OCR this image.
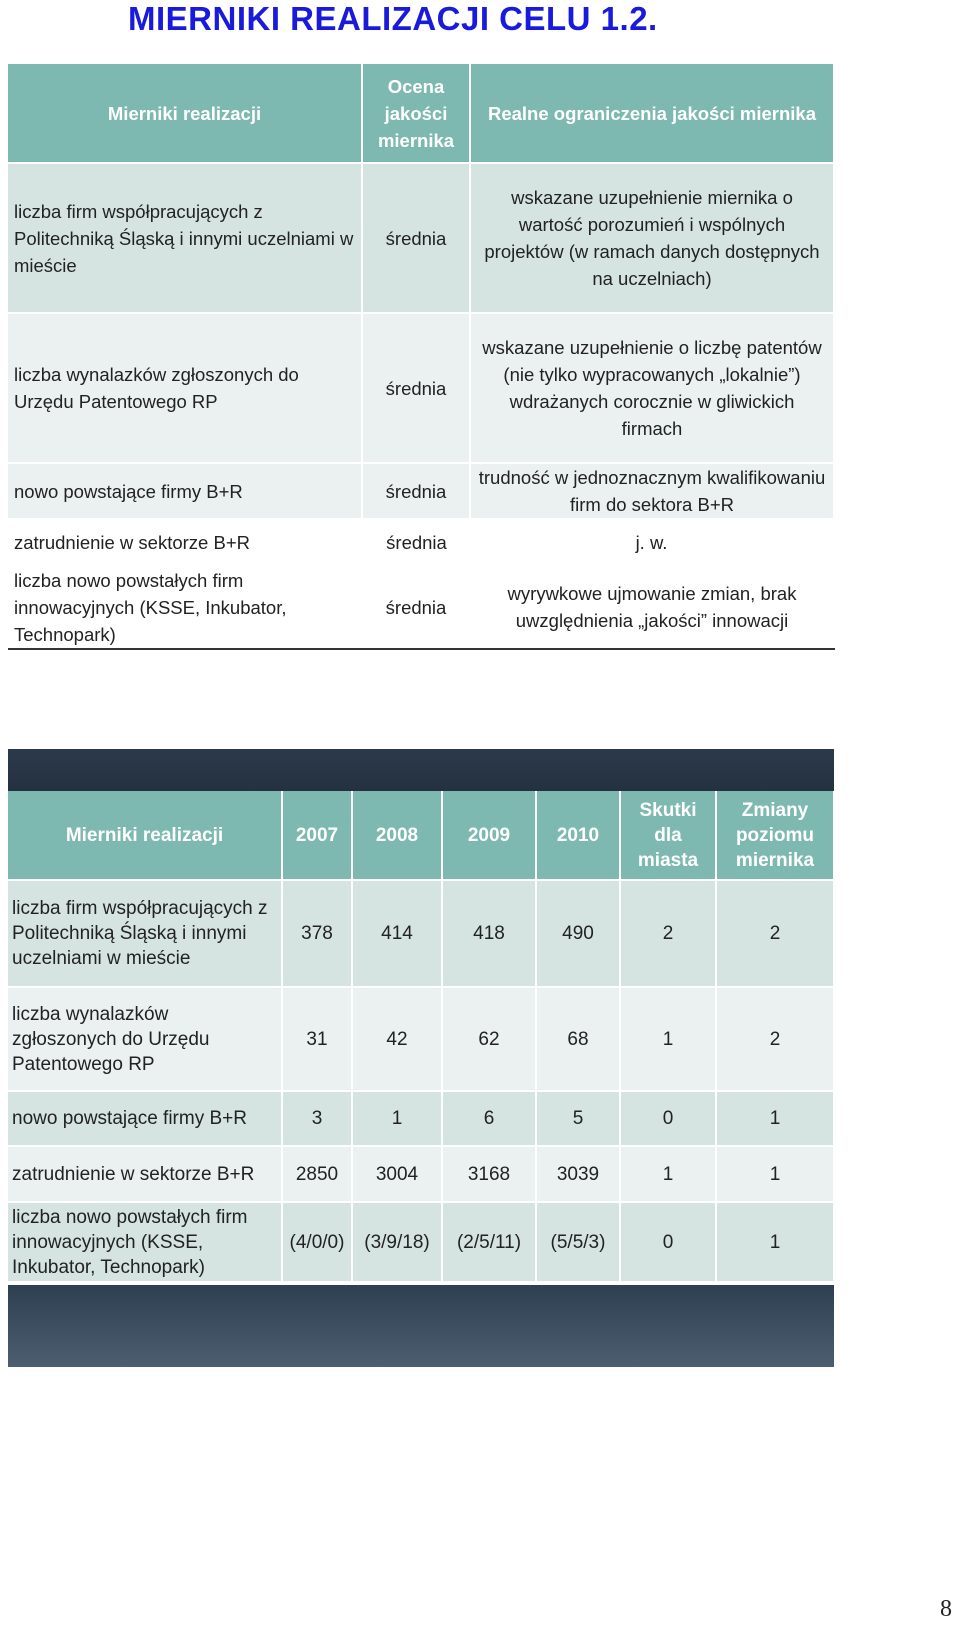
MIERNIKI REALIZACJI CELU 1.2.
Mierniki realizacji	Ocena jakości miernika	Realne ograniczenia jakości miernika
liczba firm współpracujących z Politechniką Śląską i innymi uczelniami w mieście	średnia	wskazane uzupełnienie miernika o wartość porozumień i wspólnych projektów (w ramach danych dostępnych na uczelniach)
liczba wynalazków zgłoszonych do Urzędu Patentowego RP	średnia	wskazane uzupełnienie o liczbę patentów (nie tylko wypracowanych „lokalnie”) wdrażanych corocznie w gliwickich firmach
nowo powstające firmy B+R	średnia	trudność w jednoznacznym kwalifikowaniu firm do sektora B+R
zatrudnienie w sektorze B+R	średnia	j. w.
liczba nowo powstałych firm innowacyjnych (KSSE, Inkubator, Technopark)	średnia	wyrywkowe ujmowanie zmian, brak uwzględnienia „jakości” innowacji
Mierniki realizacji	2007	2008	2009	2010	Skutki dla miasta	Zmiany poziomu miernika
liczba firm współpracujących z Politechniką Śląską i innymi uczelniami w mieście	378	414	418	490	2	2
liczba wynalazków zgłoszonych do Urzędu Patentowego RP	31	42	62	68	1	2
nowo powstające firmy B+R	3	1	6	5	0	1
zatrudnienie w sektorze B+R	2850	3004	3168	3039	1	1
liczba nowo powstałych firm innowacyjnych (KSSE, Inkubator, Technopark)	(4/0/0)	(3/9/18)	(2/5/11)	(5/5/3)	0	1
8
